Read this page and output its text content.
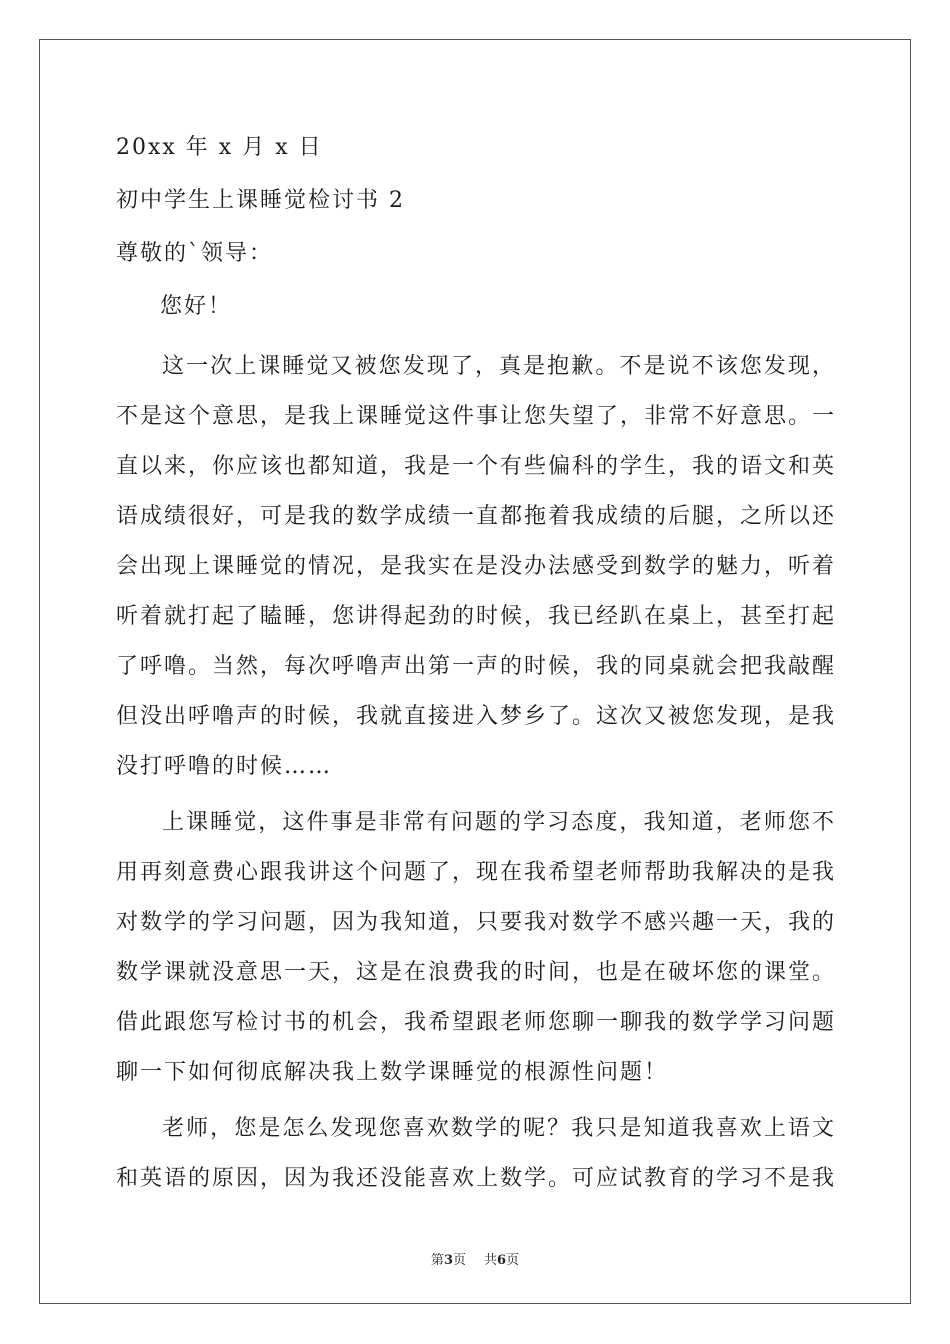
20xx 年 x 月 x 日

初中学生上课睡觉检讨书 2

尊敬的`领导：

您好！

这一次上课睡觉又被您发现了，真是抱歉。不是说不该您发现，不是这个意思，是我上课睡觉这件事让您失望了，非常不好意思。一直以来，你应该也都知道，我是一个有些偏科的学生，我的语文和英语成绩很好，可是我的数学成绩一直都拖着我成绩的后腿，之所以还会出现上课睡觉的情况，是我实在是没办法感受到数学的魅力，听着听着就打起了瞌睡，您讲得起劲的时候，我已经趴在桌上，甚至打起了呼噜。当然，每次呼噜声出第一声的时候，我的同桌就会把我敲醒但没出呼噜声的时候，我就直接进入梦乡了。这次又被您发现，是我没打呼噜的时候……

上课睡觉，这件事是非常有问题的学习态度，我知道，老师您不用再刻意费心跟我讲这个问题了，现在我希望老师帮助我解决的是我对数学的学习问题，因为我知道，只要我对数学不感兴趣一天，我的数学课就没意思一天，这是在浪费我的时间，也是在破坏您的课堂。借此跟您写检讨书的机会，我希望跟老师您聊一聊我的数学学习问题聊一下如何彻底解决我上数学课睡觉的根源性问题！

老师，您是怎么发现您喜欢数学的呢？我只是知道我喜欢上语文和英语的原因，因为我还没能喜欢上数学。可应试教育的学习不是我

第3页 共6页
